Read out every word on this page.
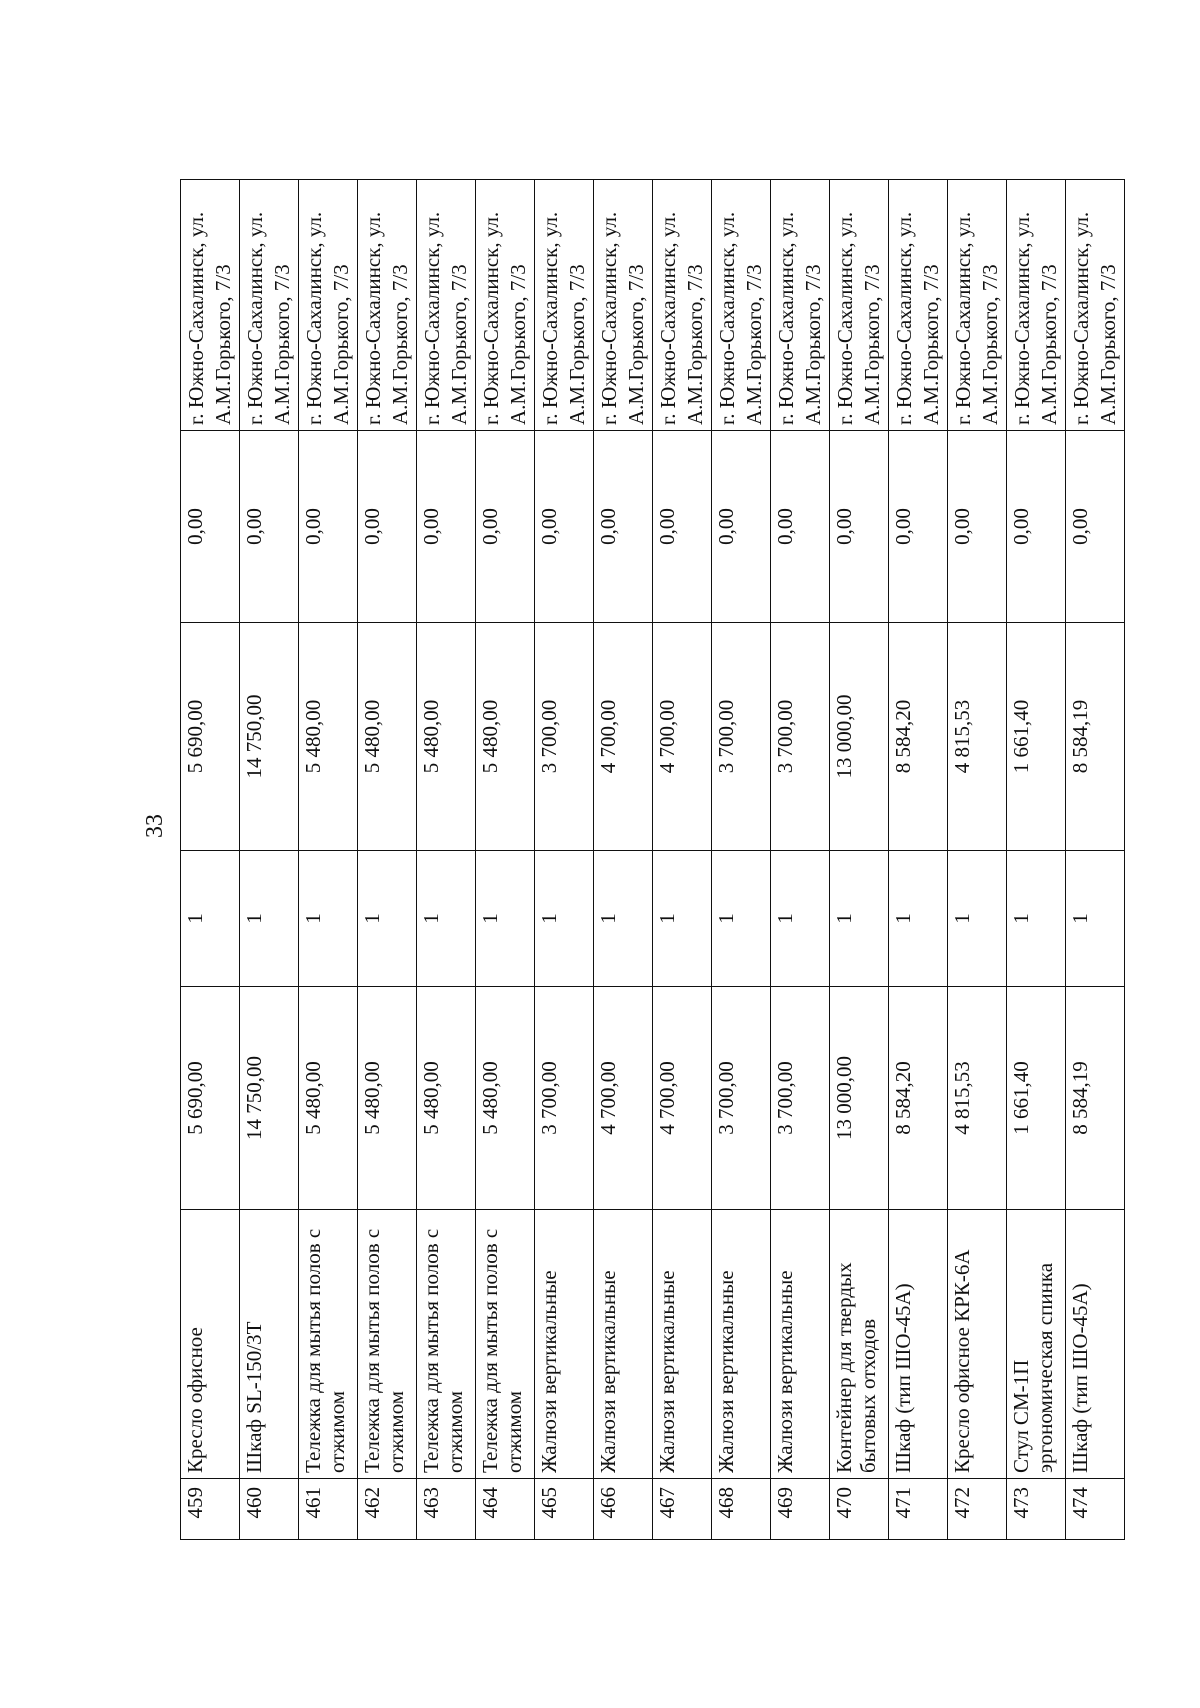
33
459	Кресло офисное	5 690,00	1	5 690,00	0,00	г. Южно-Сахалинск, ул. А.М.Горького, 7/3
460	Шкаф SL-150/3T	14 750,00	1	14 750,00	0,00	г. Южно-Сахалинск, ул. А.М.Горького, 7/3
461	Тележка для мытья полов с отжимом	5 480,00	1	5 480,00	0,00	г. Южно-Сахалинск, ул. А.М.Горького, 7/3
462	Тележка для мытья полов с отжимом	5 480,00	1	5 480,00	0,00	г. Южно-Сахалинск, ул. А.М.Горького, 7/3
463	Тележка для мытья полов с отжимом	5 480,00	1	5 480,00	0,00	г. Южно-Сахалинск, ул. А.М.Горького, 7/3
464	Тележка для мытья полов с отжимом	5 480,00	1	5 480,00	0,00	г. Южно-Сахалинск, ул. А.М.Горького, 7/3
465	Жалюзи вертикальные	3 700,00	1	3 700,00	0,00	г. Южно-Сахалинск, ул. А.М.Горького, 7/3
466	Жалюзи вертикальные	4 700,00	1	4 700,00	0,00	г. Южно-Сахалинск, ул. А.М.Горького, 7/3
467	Жалюзи вертикальные	4 700,00	1	4 700,00	0,00	г. Южно-Сахалинск, ул. А.М.Горького, 7/3
468	Жалюзи вертикальные	3 700,00	1	3 700,00	0,00	г. Южно-Сахалинск, ул. А.М.Горького, 7/3
469	Жалюзи вертикальные	3 700,00	1	3 700,00	0,00	г. Южно-Сахалинск, ул. А.М.Горького, 7/3
470	Контейнер для твердых бытовых отходов	13 000,00	1	13 000,00	0,00	г. Южно-Сахалинск, ул. А.М.Горького, 7/3
471	Шкаф (тип ШО-45А)	8 584,20	1	8 584,20	0,00	г. Южно-Сахалинск, ул. А.М.Горького, 7/3
472	Кресло офисное КРК-6А	4 815,53	1	4 815,53	0,00	г. Южно-Сахалинск, ул. А.М.Горького, 7/3
473	Стул СМ-1П эргономическая спинка	1 661,40	1	1 661,40	0,00	г. Южно-Сахалинск, ул. А.М.Горького, 7/3
474	Шкаф (тип ШО-45А)	8 584,19	1	8 584,19	0,00	г. Южно-Сахалинск, ул. А.М.Горького, 7/3
